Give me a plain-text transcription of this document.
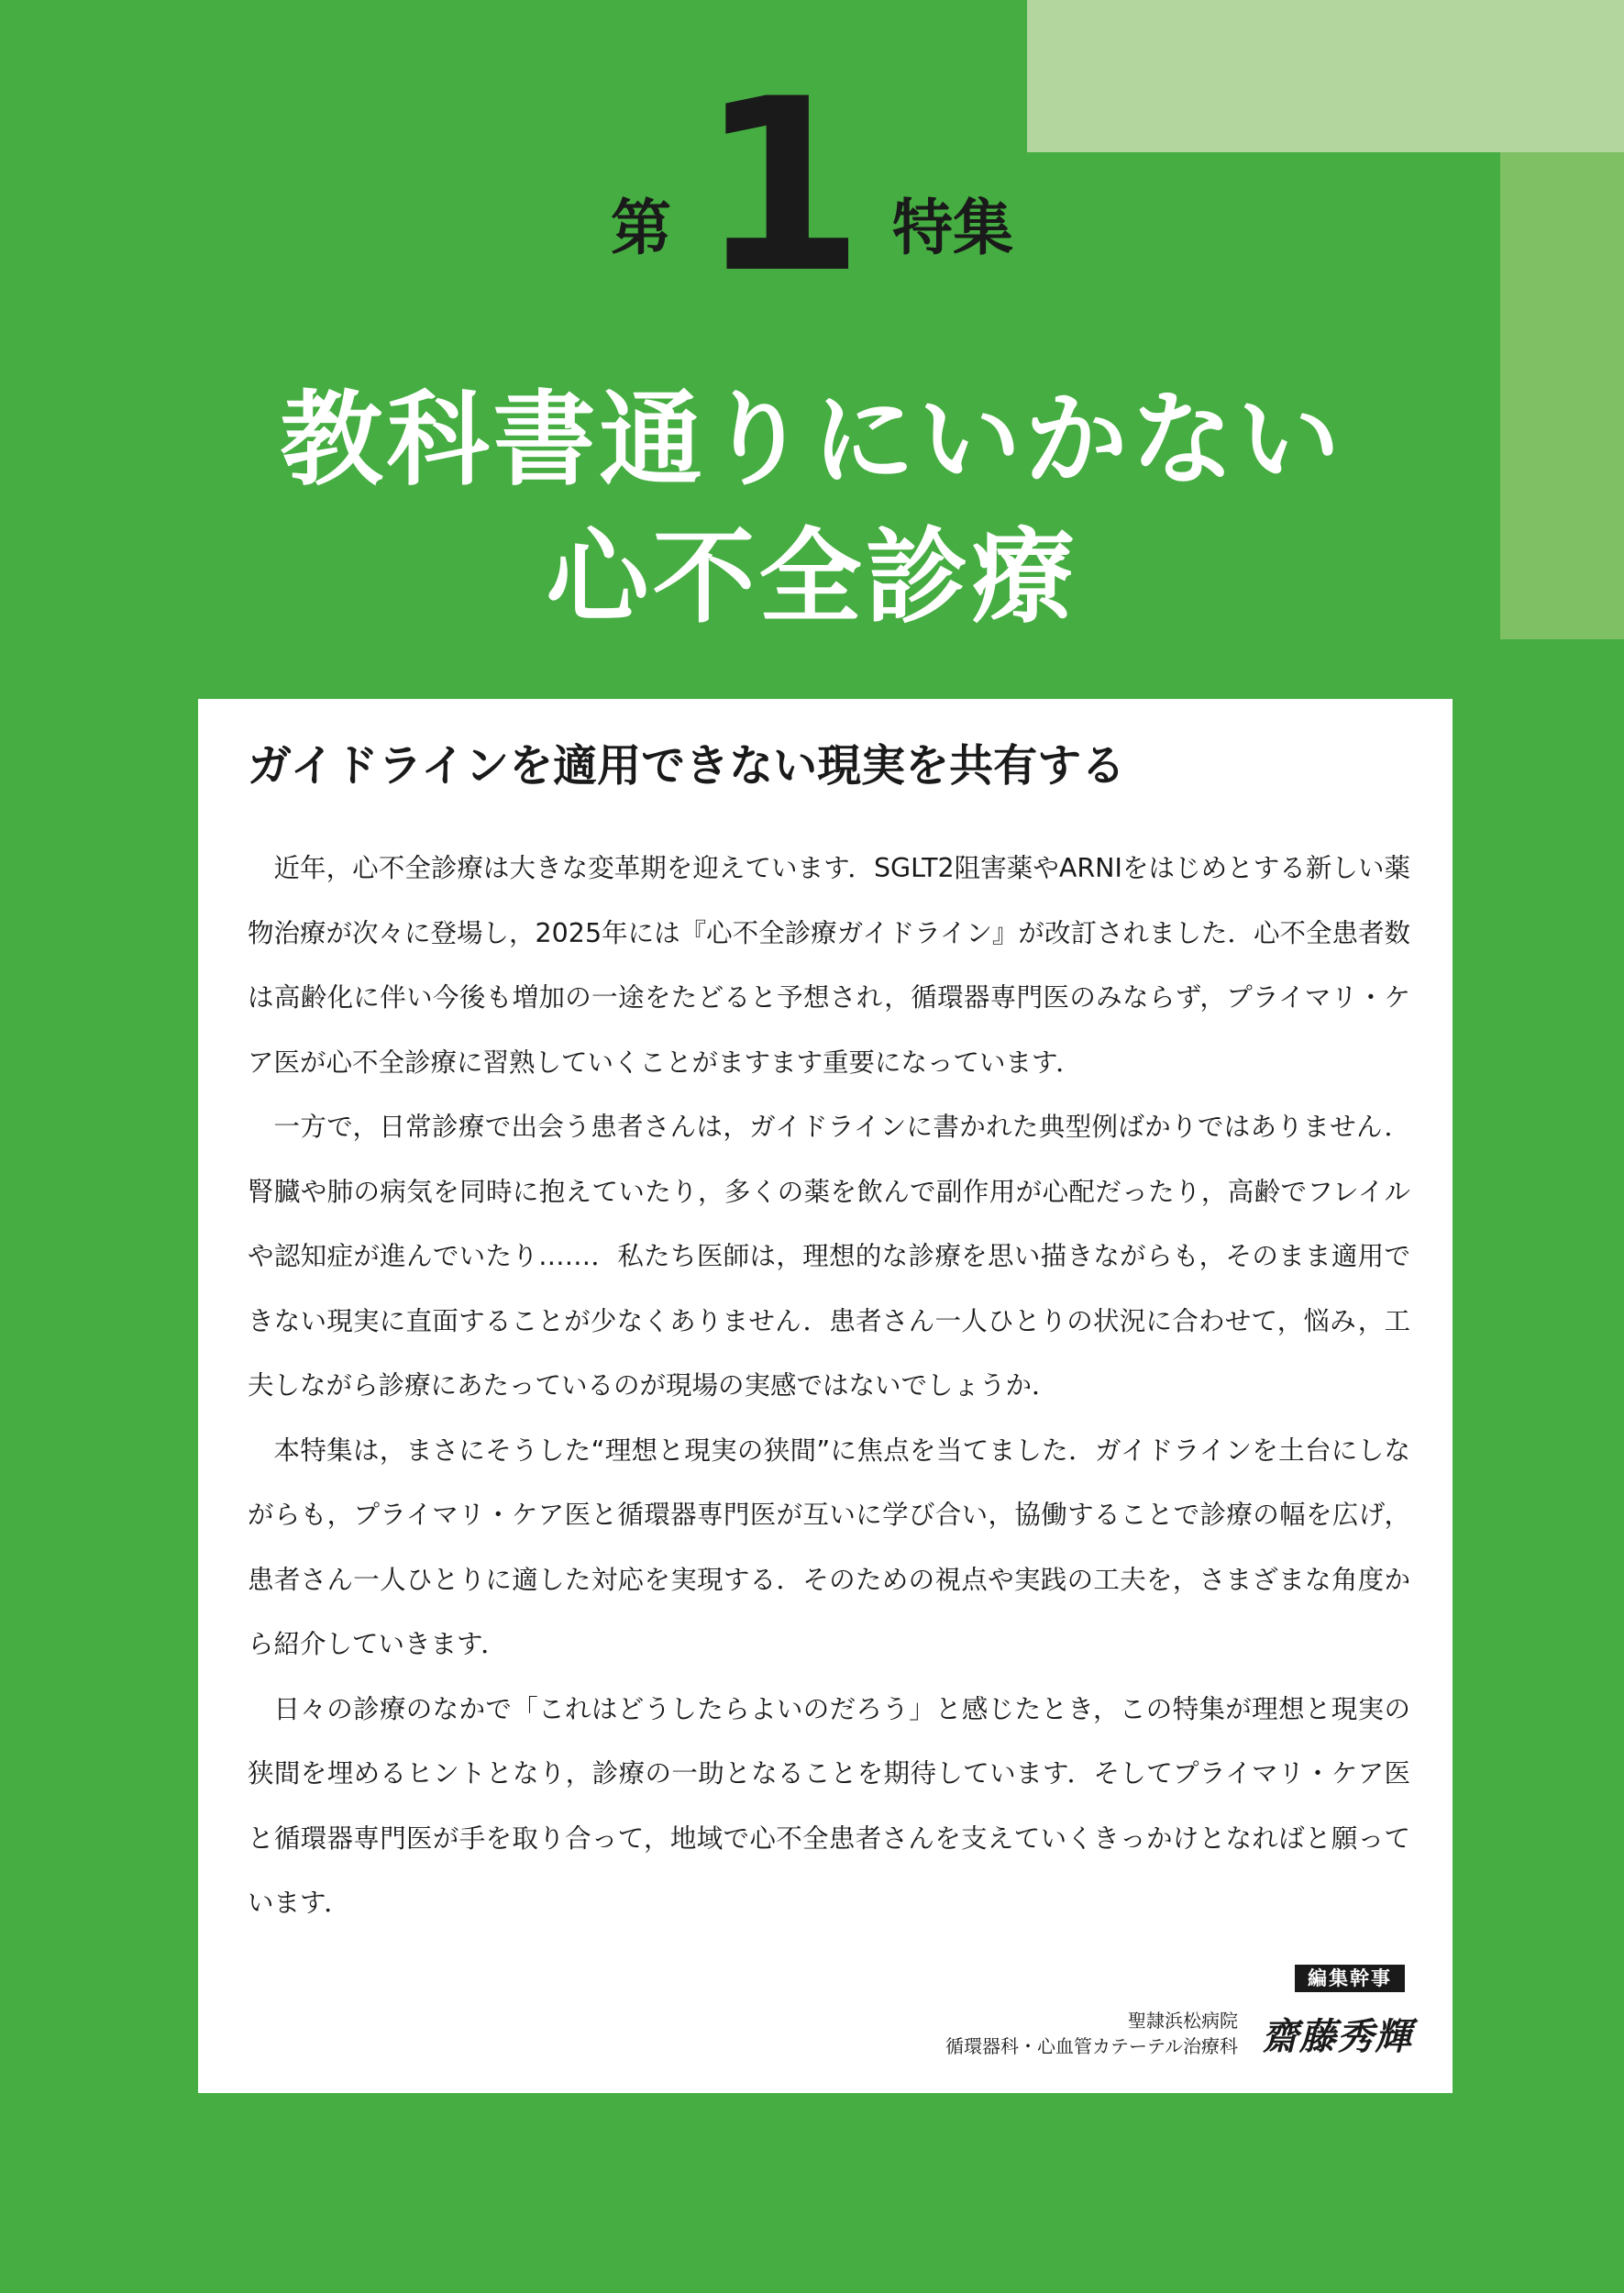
第 1 特集
教科書通りにいかない
心不全診療
ガイドラインを適用できない現実を共有する

近年，心不全診療は大きな変革期を迎えています．SGLT2阻害薬やARNIをはじめとする新しい薬物治療が次々に登場し，2025年には『心不全診療ガイドライン』が改訂されました．心不全患者数は高齢化に伴い今後も増加の一途をたどると予想され，循環器専門医のみならず，プライマリ・ケア医が心不全診療に習熟していくことがますます重要になっています．

一方で，日常診療で出会う患者さんは，ガイドラインに書かれた典型例ばかりではありません．腎臓や肺の病気を同時に抱えていたり，多くの薬を飲んで副作用が心配だったり，高齢でフレイルや認知症が進んでいたり……．私たち医師は，理想的な診療を思い描きながらも，そのまま適用できない現実に直面することが少なくありません．患者さん一人ひとりの状況に合わせて，悩み，工夫しながら診療にあたっているのが現場の実感ではないでしょうか．

本特集は，まさにそうした“理想と現実の狭間”に焦点を当てました．ガイドラインを土台にしながらも，プライマリ・ケア医と循環器専門医が互いに学び合い，協働することで診療の幅を広げ，患者さん一人ひとりに適した対応を実現する．そのための視点や実践の工夫を，さまざまな角度から紹介していきます．

日々の診療のなかで「これはどうしたらよいのだろう」と感じたとき，この特集が理想と現実の狭間を埋めるヒントとなり，診療の一助となることを期待しています．そしてプライマリ・ケア医と循環器専門医が手を取り合って，地域で心不全患者さんを支えていくきっかけとなればと願っています．

編集幹事
聖隷浜松病院
循環器科・心血管カテーテル治療科 齋藤秀輝
